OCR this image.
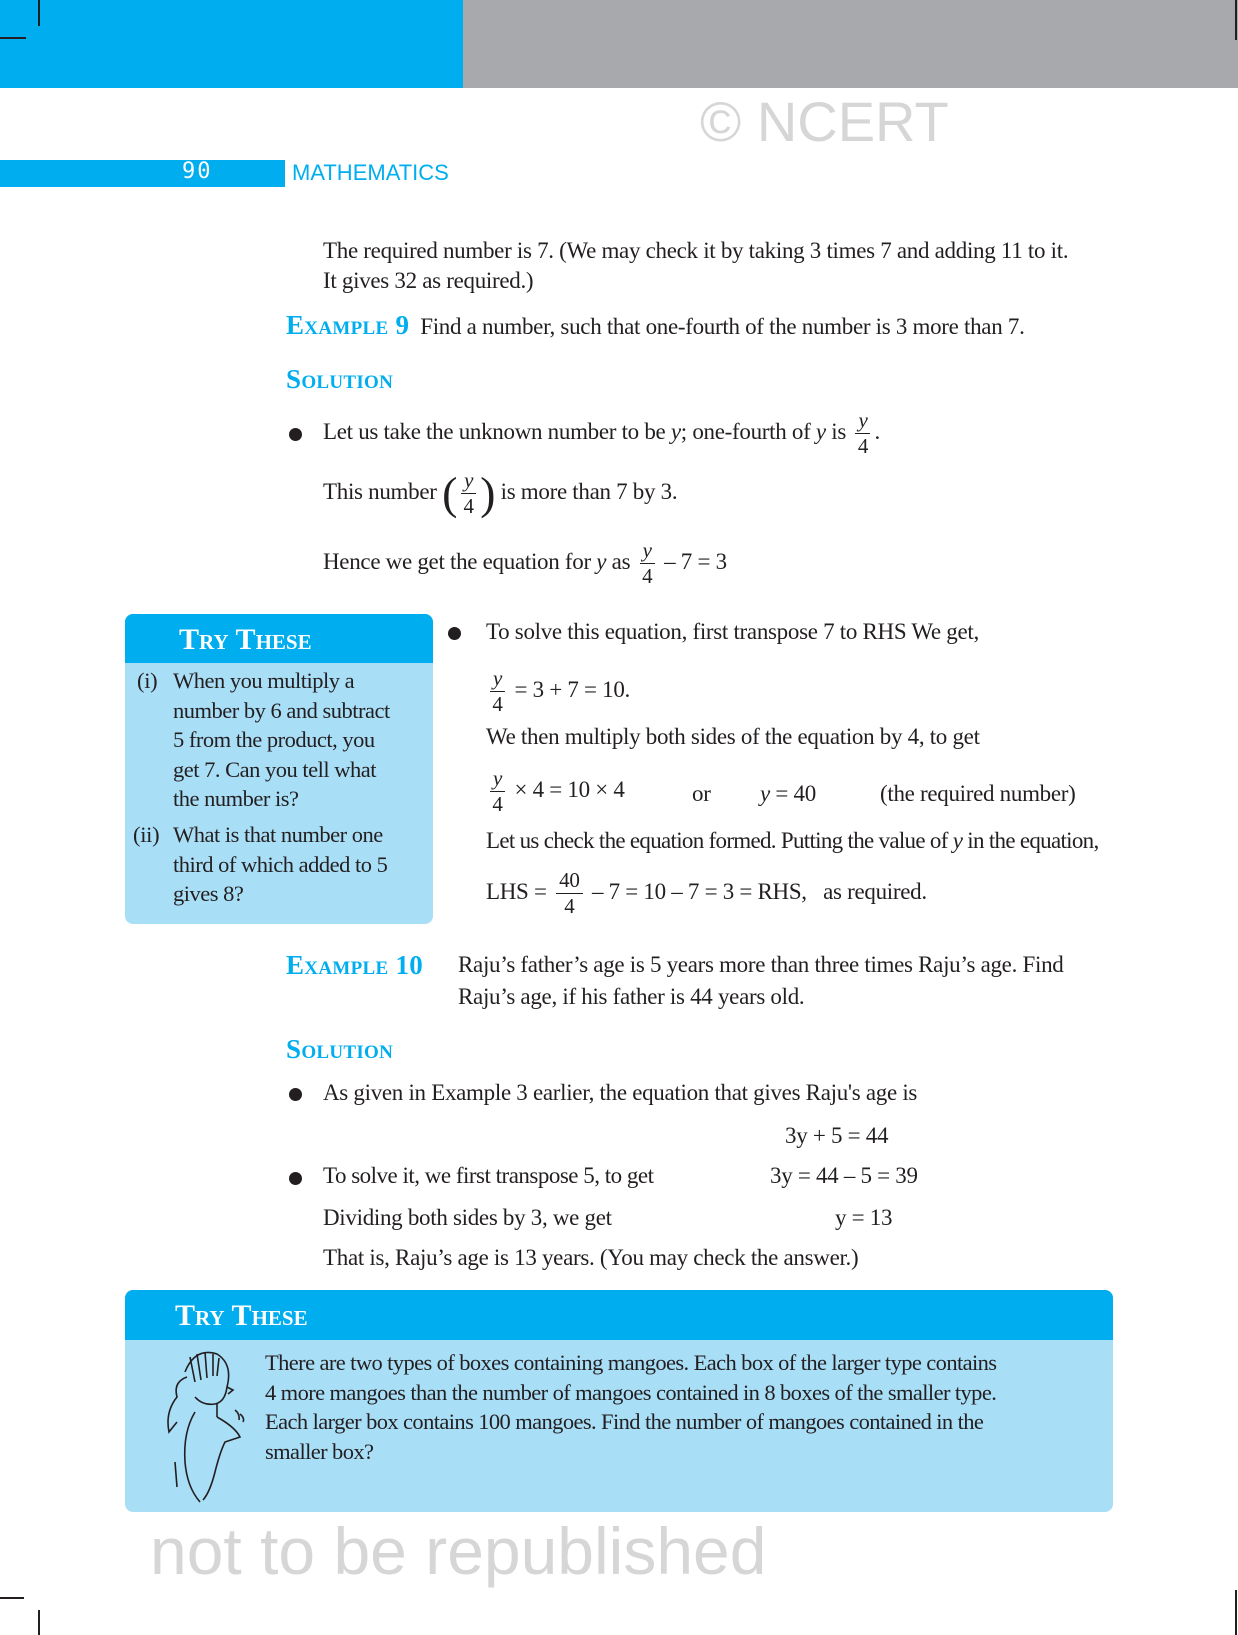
90	MATHEMATICS
© NCERT
not to be republished
The required number is 7. (We may check it by taking 3 times 7 and adding 11 to it.
It gives 32 as required.)
Example 9 Find a number, such that one-fourth of the number is 3 more than 7.
Solution
Let us take the unknown number to be y; one-fourth of y is $\frac{y}{4}$ .
This number ( $\frac{y}{4}$ ) is more than 7 by 3.
Hence we get the equation for y as $\frac{y}{4} - 7 = 3$
Try These
(i) When you multiply a
number by 6 and subtract
5 from the product, you
get 7. Can you tell what
the number is?
(ii) What is that number one
third of which added to 5
gives 8?
To solve this equation, first transpose 7 to RHS We get,
$\frac{y}{4} = 3 + 7 = 10$.
We then multiply both sides of the equation by 4, to get
$\frac{y}{4} \times 4 = 10 \times 4$	or y = 40	(the required number)
Let us check the equation formed. Putting the value of y in the equation,
LHS = $\frac{40}{4} - 7 = 10 - 7 = 3$ = RHS, as required.
Example 10 Raju’s father’s age is 5 years more than three times Raju’s age. Find
Raju’s age, if his father is 44 years old.
Solution
As given in Example 3 earlier, the equation that gives Raju's age is
3y + 5 = 44
To solve it, we first transpose 5, to get	3y = 44 – 5 = 39
Dividing both sides by 3, we get	y = 13
That is, Raju’s age is 13 years. (You may check the answer.)
Try These
There are two types of boxes containing mangoes. Each box of the larger type contains
4 more mangoes than the number of mangoes contained in 8 boxes of the smaller type.
Each larger box contains 100 mangoes. Find the number of mangoes contained in the
smaller box?
